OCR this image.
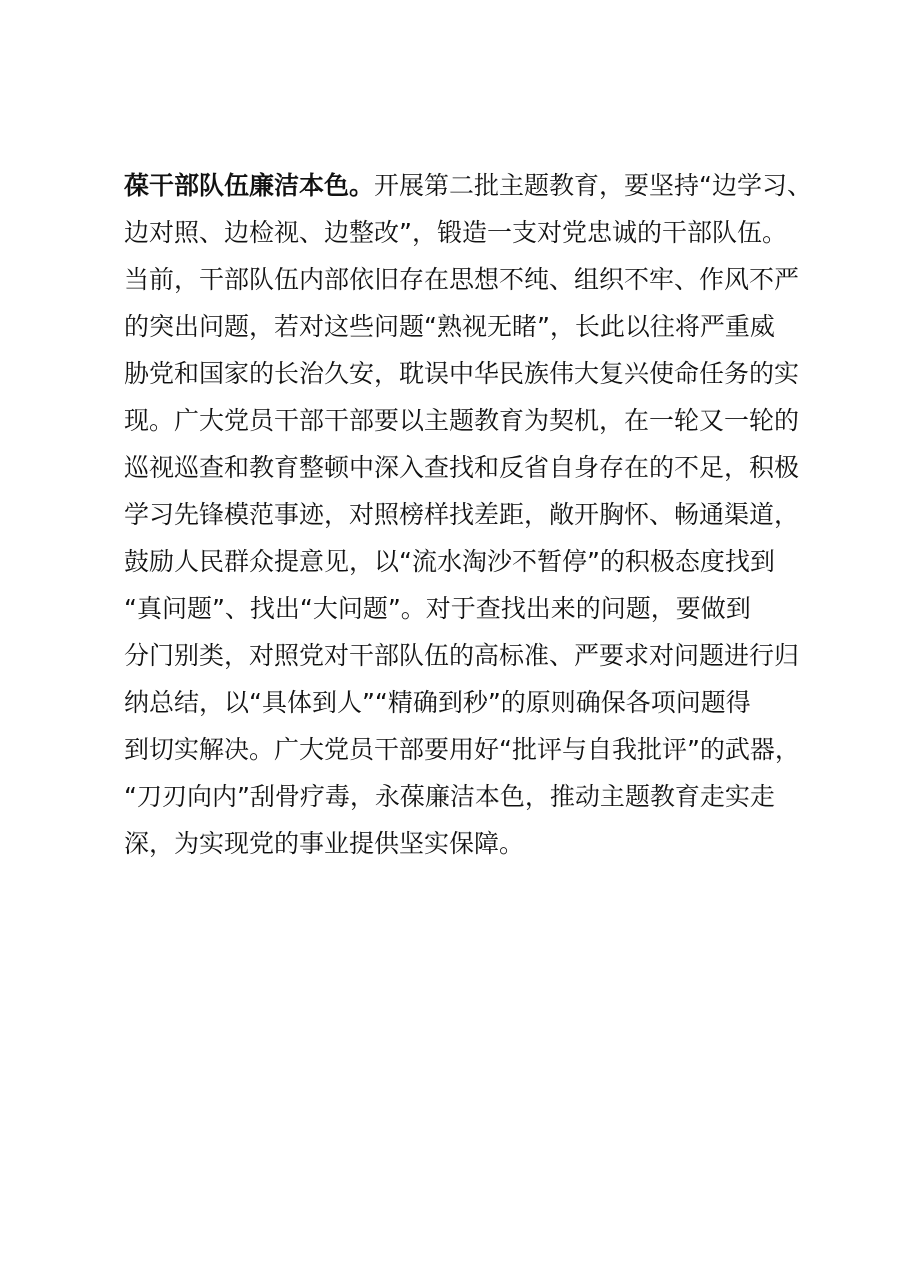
葆干部队伍廉洁本色。开展第二批主题教育，要坚持“边学习、
边对照、边检视、边整改”，锻造一支对党忠诚的干部队伍。
当前，干部队伍内部依旧存在思想不纯、组织不牢、作风不严
的突出问题，若对这些问题“熟视无睹”，长此以往将严重威
胁党和国家的长治久安，耽误中华民族伟大复兴使命任务的实
现。广大党员干部干部要以主题教育为契机，在一轮又一轮的
巡视巡查和教育整顿中深入查找和反省自身存在的不足，积极
学习先锋模范事迹，对照榜样找差距，敞开胸怀、畅通渠道，
鼓励人民群众提意见，以“流水淘沙不暂停”的积极态度找到
“真问题”、找出“大问题”。对于查找出来的问题，要做到
分门别类，对照党对干部队伍的高标准、严要求对问题进行归
纳总结，以“具体到人”“精确到秒”的原则确保各项问题得
到切实解决。广大党员干部要用好“批评与自我批评”的武器，
“刀刃向内”刮骨疗毒，永葆廉洁本色，推动主题教育走实走
深，为实现党的事业提供坚实保障。
